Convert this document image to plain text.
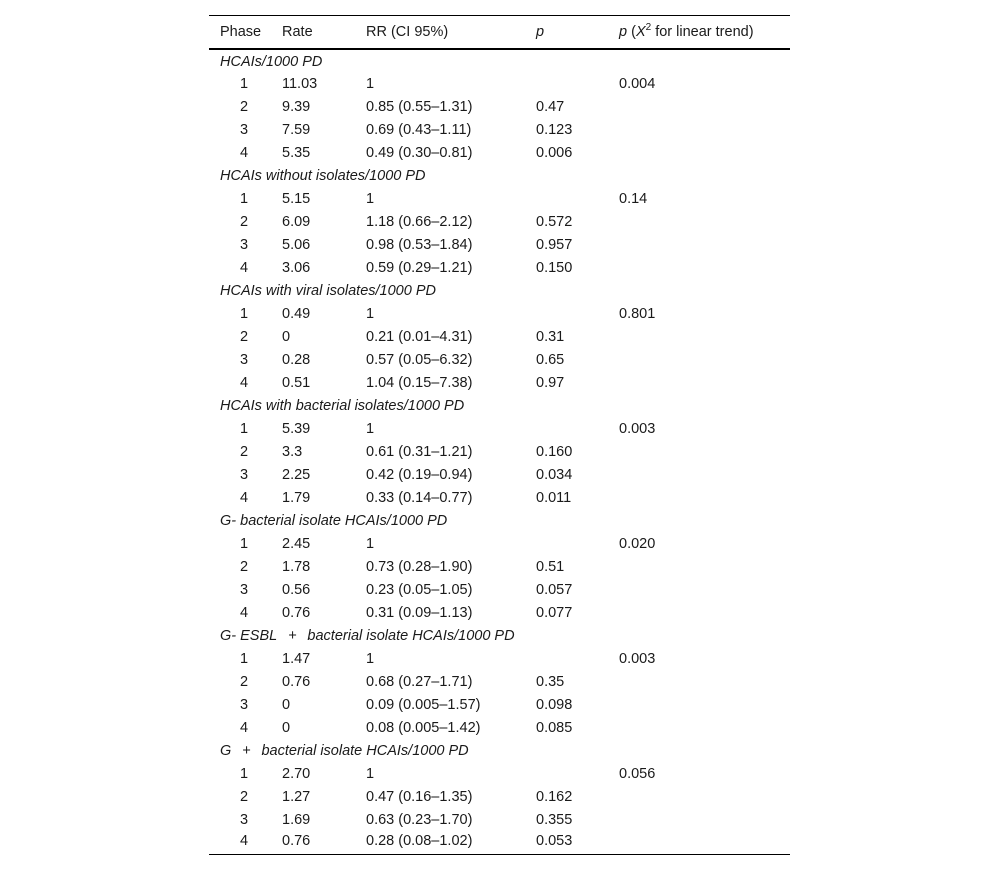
Phase	Rate	RR (CI 95%)	p	p ($X^2$ for linear trend)
HCAIs/1000 PD				
1	11.03	1		0.004
2	9.39	0.85 (0.55–1.31)	0.47	
3	7.59	0.69 (0.43–1.11)	0.123	
4	5.35	0.49 (0.30–0.81)	0.006	
HCAIs without isolates/1000 PD				
1	5.15	1		0.14
2	6.09	1.18 (0.66–2.12)	0.572	
3	5.06	0.98 (0.53–1.84)	0.957	
4	3.06	0.59 (0.29–1.21)	0.150	
HCAIs with viral isolates/1000 PD				
1	0.49	1		0.801
2	0	0.21 (0.01–4.31)	0.31	
3	0.28	0.57 (0.05–6.32)	0.65	
4	0.51	1.04 (0.15–7.38)	0.97	
HCAIs with bacterial isolates/1000 PD				
1	5.39	1		0.003
2	3.3	0.61 (0.31–1.21)	0.160	
3	2.25	0.42 (0.19–0.94)	0.034	
4	1.79	0.33 (0.14–0.77)	0.011	
G- bacterial isolate HCAIs/1000 PD				
1	2.45	1		0.020
2	1.78	0.73 (0.28–1.90)	0.51	
3	0.56	0.23 (0.05–1.05)	0.057	
4	0.76	0.31 (0.09–1.13)	0.077	
G- ESBL   +   bacterial isolate HCAIs/1000 PD				
1	1.47	1		0.003
2	0.76	0.68 (0.27–1.71)	0.35	
3	0	0.09 (0.005–1.57)	0.098	
4	0	0.08 (0.005–1.42)	0.085	
G   +   bacterial isolate HCAIs/1000 PD				
1	2.70	1		0.056
2	1.27	0.47 (0.16–1.35)	0.162	
3	1.69	0.63 (0.23–1.70)	0.355	
4	0.76	0.28 (0.08–1.02)	0.053	
